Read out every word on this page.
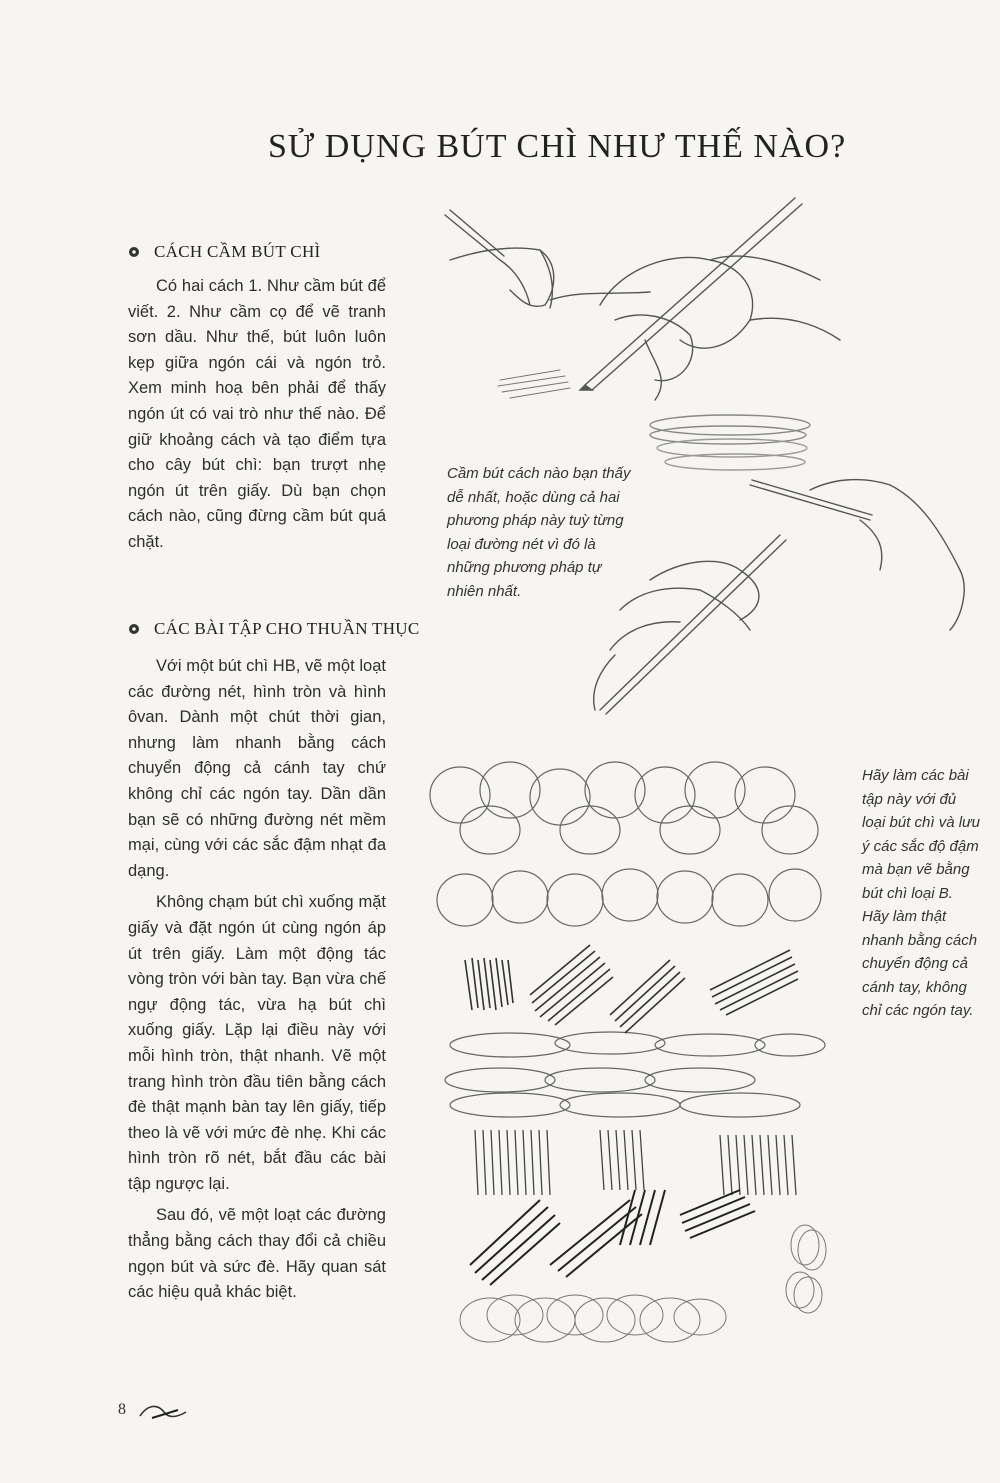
SỬ DỤNG BÚT CHÌ NHƯ THẾ NÀO?
CÁCH CẦM BÚT CHÌ

Có hai cách 1. Như cầm bút để viết. 2. Như cầm cọ để vẽ tranh sơn dầu. Như thế, bút luôn luôn kẹp giữa ngón cái và ngón trỏ. Xem minh hoạ bên phải để thấy ngón út có vai trò như thế nào. Để giữ khoảng cách và tạo điểm tựa cho cây bút chì: bạn trượt nhẹ ngón út trên giấy. Dù bạn chọn cách nào, cũng đừng cầm bút quá chặt.

CÁC BÀI TẬP CHO THUẦN THỤC

Với một bút chì HB, vẽ một loạt các đường nét, hình tròn và hình ôvan. Dành một chút thời gian, nhưng làm nhanh bằng cách chuyển động cả cánh tay chứ không chỉ các ngón tay. Dần dần bạn sẽ có những đường nét mềm mại, cùng với các sắc đậm nhạt đa dạng.

Không chạm bút chì xuống mặt giấy và đặt ngón út cùng ngón áp út trên giấy. Làm một động tác vòng tròn với bàn tay. Bạn vừa chế ngự động tác, vừa hạ bút chì xuống giấy. Lặp lại điều này với mỗi hình tròn, thật nhanh. Vẽ một trang hình tròn đầu tiên bằng cách đè thật mạnh bàn tay lên giấy, tiếp theo là vẽ với mức đè nhẹ. Khi các hình tròn rõ nét, bắt đầu các bài tập ngược lại.

Sau đó, vẽ một loạt các đường thẳng bằng cách thay đổi cả chiều ngọn bút và sức đè. Hãy quan sát các hiệu quả khác biệt.

Cầm bút cách nào bạn thấy dễ nhất, hoặc dùng cả hai phương pháp này tuỳ từng loại đường nét vì đó là những phương pháp tự nhiên nhất.
Hãy làm các bài tập này với đủ loại bút chì và lưu ý các sắc độ đậm mà bạn vẽ bằng bút chì loại B. Hãy làm thật nhanh bằng cách chuyển động cả cánh tay, không chỉ các ngón tay.
8
